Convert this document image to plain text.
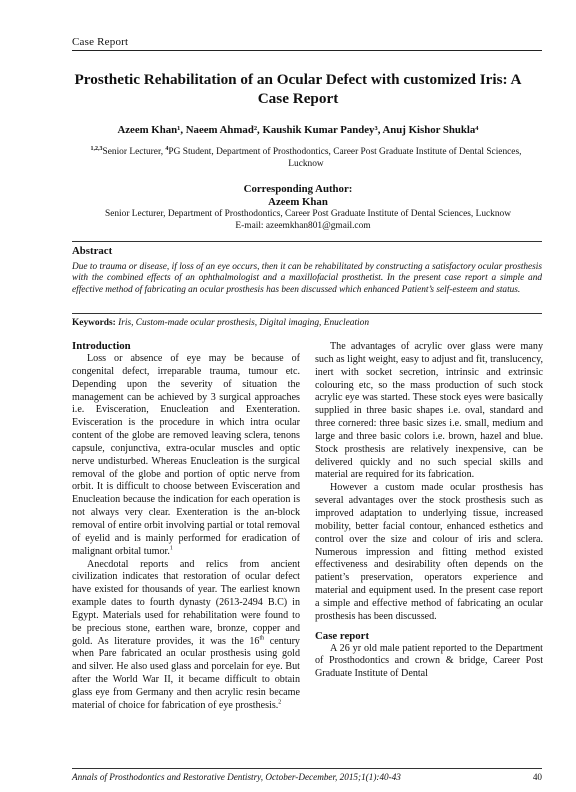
Case Report
Prosthetic Rehabilitation of an Ocular Defect with customized Iris: A Case Report
Azeem Khan¹, Naeem Ahmad², Kaushik Kumar Pandey³, Anuj Kishor Shukla⁴
$^{1,2,3}$Senior Lecturer, $^4$PG Student, Department of Prosthodontics, Career Post Graduate Institute of Dental Sciences, Lucknow
Corresponding Author:
Azeem Khan
Senior Lecturer, Department of Prosthodontics, Career Post Graduate Institute of Dental Sciences, Lucknow
E-mail: azeemkhan801@gmail.com
Abstract
Due to trauma or disease, if loss of an eye occurs, then it can be rehabilitated by constructing a satisfactory ocular prosthesis with the combined effects of an ophthalmologist and a maxillofacial prosthetist. In the present case report a simple and effective method of fabricating an ocular prosthesis has been discussed which enhanced Patient’s self-esteem and status.
Keywords: Iris, Custom-made ocular prosthesis, Digital imaging, Enucleation
Introduction

Loss or absence of eye may be because of congenital defect, irreparable trauma, tumour etc. Depending upon the severity of situation the management can be achieved by 3 surgical approaches i.e. Evisceration, Enucleation and Exenteration. Evisceration is the procedure in which intra ocular content of the globe are removed leaving sclera, tenons capsule, conjunctiva, extra-ocular muscles and optic nerve undisturbed. Whereas Enucleation is the surgical removal of the globe and portion of optic nerve from orbit. It is difficult to choose between Evisceration and Enucleation because the indication for each operation is not always very clear. Exenteration is the an-block removal of entire orbit involving partial or total removal of eyelid and is mainly performed for eradication of malignant orbital tumor.$^1$

Anecdotal reports and relics from ancient civilization indicates that restoration of ocular defect have existed for thousands of year. The earliest known example dates to fourth dynasty (2613-2494 B.C) in Egypt. Materials used for rehabilitation were found to be precious stone, earthen ware, bronze, copper and gold. As literature provides, it was the 16th century when Pare fabricated an ocular prosthesis using gold and silver. He also used glass and porcelain for eye. But after the World War II, it became difficult to obtain glass eye from Germany and then acrylic resin became material of choice for fabrication of eye prosthesis.$^2$

The advantages of acrylic over glass were many such as light weight, easy to adjust and fit, translucency, inert with socket secretion, intrinsic and extrinsic colouring etc, so the mass production of such stock acrylic eye was started. These stock eyes were basically supplied in three basic shapes i.e. oval, standard and three cornered: three basic sizes i.e. small, medium and large and three basic colors i.e. brown, hazel and blue. Stock prosthesis are relatively inexpensive, can be delivered quickly and no such special skills and material are required for its fabrication.

However a custom made ocular prosthesis has several advantages over the stock prosthesis such as improved adaptation to underlying tissue, increased mobility, better facial contour, enhanced esthetics and control over the size and colour of iris and sclera. Numerous impression and fitting method existed effectiveness and desirability often depends on the patient’s preservation, operators experience and material and equipment used. In the present case report a simple and effective method of fabricating an ocular prosthesis has been discussed.

Case report

A 26 yr old male patient reported to the Department of Prosthodontics and crown & bridge, Career Post Graduate Institute of Dental

Annals of Prosthodontics and Restorative Dentistry, October-December, 2015;1(1):40-43	40
